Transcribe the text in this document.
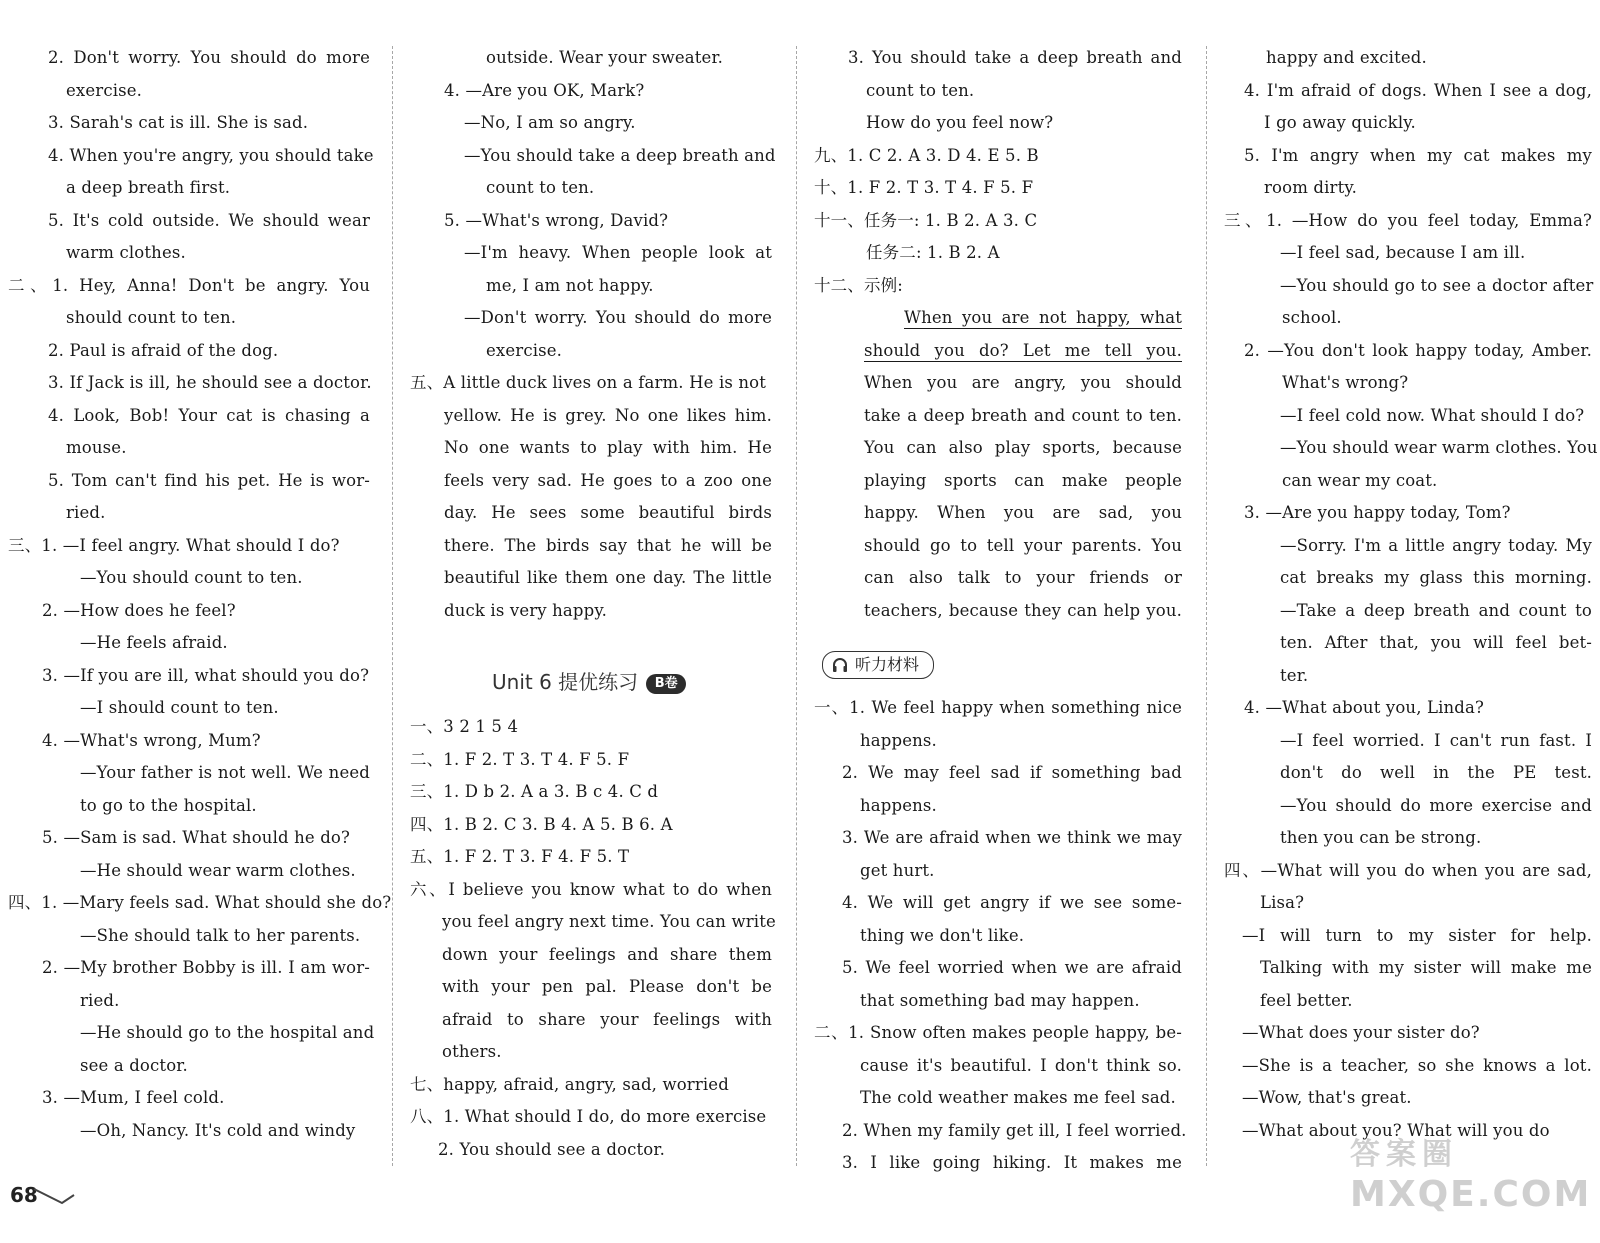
2. Don't worry. You should do more
exercise.
3. Sarah's cat is ill. She is sad.
4. When you're angry, you should take
a deep breath first.
5. It's cold outside. We should wear
warm clothes.
二、1. Hey, Anna! Don't be angry. You
should count to ten.
2. Paul is afraid of the dog.
3. If Jack is ill, he should see a doctor.
4. Look, Bob! Your cat is chasing a
mouse.
5. Tom can't find his pet. He is wor-
ried.
三、1. —I feel angry. What should I do?
—You should count to ten.
2. —How does he feel?
—He feels afraid.
3. —If you are ill, what should you do?
—I should count to ten.
4. —What's wrong, Mum?
—Your father is not well. We need
to go to the hospital.
5. —Sam is sad. What should he do?
—He should wear warm clothes.
四、1. —Mary feels sad. What should she do?
—She should talk to her parents.
2. —My brother Bobby is ill. I am wor-
ried.
—He should go to the hospital and
see a doctor.
3. —Mum, I feel cold.
—Oh, Nancy. It's cold and windy
outside. Wear your sweater.
4. —Are you OK, Mark?
—No, I am so angry.
—You should take a deep breath and
count to ten.
5. —What's wrong, David?
—I'm heavy. When people look at
me, I am not happy.
—Don't worry. You should do more
exercise.
五、A little duck lives on a farm. He is not
yellow. He is grey. No one likes him.
No one wants to play with him. He
feels very sad. He goes to a zoo one
day. He sees some beautiful birds
there. The birds say that he will be
beautiful like them one day. The little
duck is very happy.
Unit 6 提优练习 B卷
一、3 2 1 5 4
二、1. F 2. T 3. T 4. F 5. F
三、1. D b 2. A a 3. B c 4. C d
四、1. B 2. C 3. B 4. A 5. B 6. A
五、1. F 2. T 3. F 4. F 5. T
六、I believe you know what to do when
you feel angry next time. You can write
down your feelings and share them
with your pen pal. Please don't be
afraid to share your feelings with
others.
七、happy, afraid, angry, sad, worried
八、1. What should I do, do more exercise
2. You should see a doctor.
3. You should take a deep breath and
count to ten.
How do you feel now?
九、1. C 2. A 3. D 4. E 5. B
十、1. F 2. T 3. T 4. F 5. F
十一、任务一: 1. B 2. A 3. C
任务二: 1. B 2. A
十二、示例:
When you are not happy, what
should you do? Let me tell you.
When you are angry, you should
take a deep breath and count to ten.
You can also play sports, because
playing sports can make people
happy. When you are sad, you
should go to tell your parents. You
can also talk to your friends or
teachers, because they can help you.
听力材料
一、1. We feel happy when something nice
happens.
2. We may feel sad if something bad
happens.
3. We are afraid when we think we may
get hurt.
4. We will get angry if we see some-
thing we don't like.
5. We feel worried when we are afraid
that something bad may happen.
二、1. Snow often makes people happy, be-
cause it's beautiful. I don't think so.
The cold weather makes me feel sad.
2. When my family get ill, I feel worried.
3. I like going hiking. It makes me
happy and excited.
4. I'm afraid of dogs. When I see a dog,
I go away quickly.
5. I'm angry when my cat makes my
room dirty.
三、1. —How do you feel today, Emma?
—I feel sad, because I am ill.
—You should go to see a doctor after
school.
2. —You don't look happy today, Amber.
What's wrong?
—I feel cold now. What should I do?
—You should wear warm clothes. You
can wear my coat.
3. —Are you happy today, Tom?
—Sorry. I'm a little angry today. My
cat breaks my glass this morning.
—Take a deep breath and count to
ten. After that, you will feel bet-
ter.
4. —What about you, Linda?
—I feel worried. I can't run fast. I
don't do well in the PE test.
—You should do more exercise and
then you can be strong.
四、—What will you do when you are sad,
Lisa?
—I will turn to my sister for help.
Talking with my sister will make me
feel better.
—What does your sister do?
—She is a teacher, so she knows a lot.
—Wow, that's great.
—What about you? What will you do
68
答案圈
MXQE.COM
